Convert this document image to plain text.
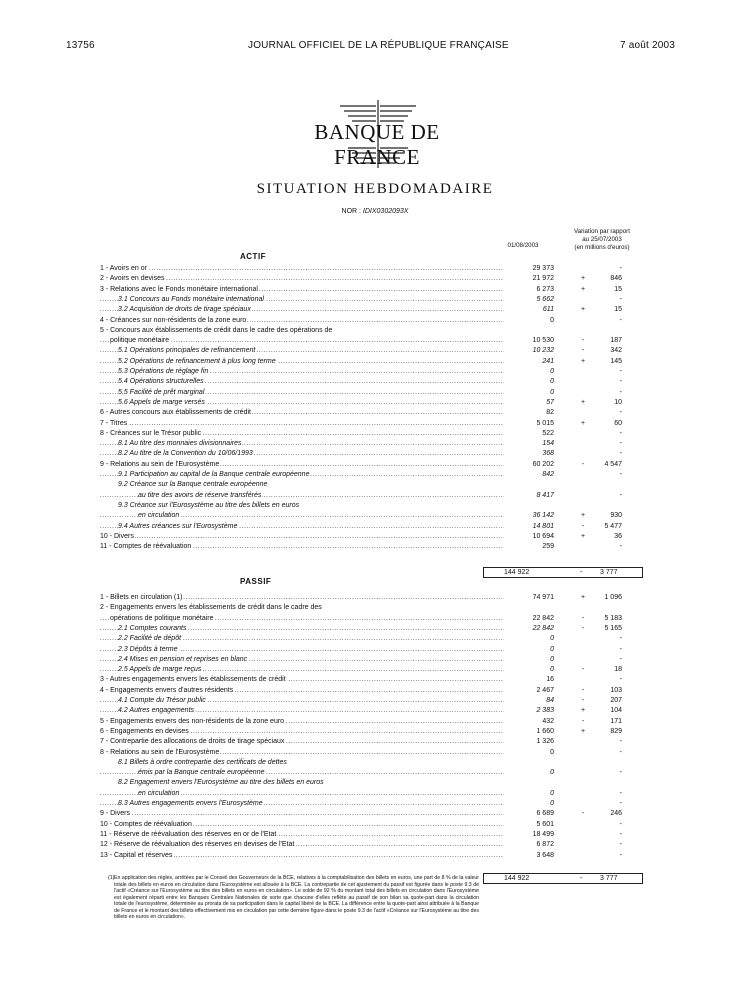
13756	JOURNAL OFFICIEL DE LA RÉPUBLIQUE FRANÇAISE	7 août 2003
BANQUE DE FRANCE
SITUATION HEBDOMADAIRE
NOR : IDIX0302093X
01/08/2003
Variation par rapport
au 25/07/2003
(en millions d'euros)
ACTIF
1 - Avoirs en or .....	29 373	-
2 - Avoirs en devises .....	21 972	+	846
3 - Relations avec le Fonds monétaire international .....	6 273	+	15
3.1 Concours au Fonds monétaire international .....	5 662	-
3.2 Acquisition de droits de tirage spéciaux .....	611	+	15
4 - Créances sur non-résidents de la zone euro .....	0	-
5 - Concours aux établissements de crédit dans le cadre des opérations de
politique monétaire .....	10 530	-	187
5.1 Opérations principales de refinancement .....	10 232	-	342
5.2 Opérations de refinancement à plus long terme .....	241	+	145
5.3 Opérations de réglage fin .....	0	-
5.4 Opérations structurelles .....	0	-
5.5 Facilité de prêt marginal .....	0	-
5.6 Appels de marge versés .....	57	+	10
6 - Autres concours aux établissements de crédit .....	82	-
7 - Titres .....	5 015	+	60
8 - Créances sur le Trésor public .....	522	-
8.1 Au titre des monnaies divisionnaires .....	154	-
8.2 Au titre de la Convention du 10/06/1993 .....	368	-
9 - Relations au sein de l'Eurosystème .....	60 202	-	4 547
9.1 Participation au capital de la Banque centrale européenne .....	842	-
9.2 Créance sur la Banque centrale européenne
au titre des avoirs de réserve transférés .....	8 417	-
9.3 Créance sur l'Eurosystème au titre des billets en euros
en circulation .....	36 142	+	930
9.4 Autres créances sur l'Eurosystème .....	14 801	-	5 477
10 - Divers .....	10 694	+	36
11 - Comptes de réévaluation .....	259	-
144 922	-	3 777
PASSIF
1 - Billets en circulation (1) .....	74 971	+	1 096
2 - Engagements envers les établissements de crédit dans le cadre des
opérations de politique monétaire .....	22 842	-	5 183
2.1 Comptes courants .....	22 842	-	5 165
2.2 Facilité de dépôt .....	0	-
2.3 Dépôts à terme .....	0	-
2.4 Mises en pension et reprises en blanc .....	0	-
2.5 Appels de marge reçus .....	0	-	18
3 - Autres engagements envers les établissements de crédit .....	16	-
4 - Engagements envers d'autres résidents .....	2 467	-	103
4.1 Compte du Trésor public .....	84	-	207
4.2 Autres engagements .....	2 383	+	104
5 - Engagements envers des non-résidents de la zone euro .....	432	-	171
6 - Engagements en devises .....	1 660	+	829
7 - Contrepartie des allocations de droits de tirage spéciaux .....	1 326	-
8 - Relations au sein de l'Eurosystème .....	0	-
8.1 Billets à ordre contrepartie des certificats de dettes
émis par la Banque centrale européenne .....	0	-
8.2 Engagement envers l'Eurosystème au titre des billets en euros
en circulation .....	0	-
8.3 Autres engagements envers l'Eurosystème .....	0	-
9 - Divers .....	6 689	-	246
10 - Comptes de réévaluation .....	5 601	-
11 - Réserve de réévaluation des réserves en or de l'Etat .....	18 499	-
12 - Réserve de réévaluation des réserves en devises de l'Etat .....	6 872	-
13 - Capital et réserves .....	3 648	-
144 922	-	3 777
(1) En application des règles, arrêtées par le Conseil des Gouverneurs de la BCE, relatives à la comptabilisation des billets en euros, une part de 8 % de la valeur totale des billets en euros en circulation dans l'Eurosystème est allouée à la BCE. La contrepartie de cet ajustement du passif est figurée dans le poste 9.3 de l'actif «Créance sur l'Eurosystème au titre des billets en euros en circulation». Le solde de 92 % du montant total des billets en circulation dans l'Eurosystème est également réparti entre les Banques Centrales Nationales de sorte que chacune d'elles reflète au passif de son bilan sa quote-part dans la circulation totale de l'eurosystème, déterminée au prorata de sa participation dans le capital libéré de la BCE. La différence entre la quote-part ainsi attribuée à la Banque de France et le montant des billets effectivement mis en circulation par cette dernière figure dans le poste 9.3 de l'actif «Créance sur l'Eurosystème au titre des billets en euros en circulation».
